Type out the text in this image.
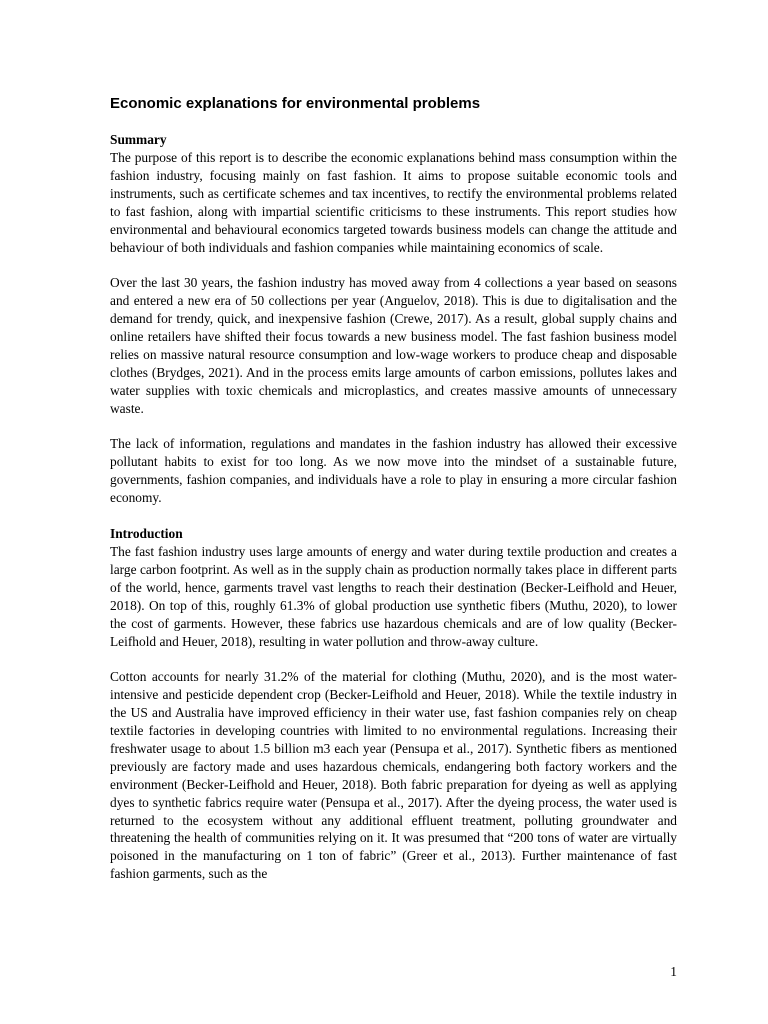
Economic explanations for environmental problems
Summary

The purpose of this report is to describe the economic explanations behind mass consumption within the fashion industry, focusing mainly on fast fashion. It aims to propose suitable economic tools and instruments, such as certificate schemes and tax incentives, to rectify the environmental problems related to fast fashion, along with impartial scientific criticisms to these instruments. This report studies how environmental and behavioural economics targeted towards business models can change the attitude and behaviour of both individuals and fashion companies while maintaining economics of scale.

Over the last 30 years, the fashion industry has moved away from 4 collections a year based on seasons and entered a new era of 50 collections per year (Anguelov, 2018). This is due to digitalisation and the demand for trendy, quick, and inexpensive fashion (Crewe, 2017). As a result, global supply chains and online retailers have shifted their focus towards a new business model. The fast fashion business model relies on massive natural resource consumption and low-wage workers to produce cheap and disposable clothes (Brydges, 2021). And in the process emits large amounts of carbon emissions, pollutes lakes and water supplies with toxic chemicals and microplastics, and creates massive amounts of unnecessary waste.

The lack of information, regulations and mandates in the fashion industry has allowed their excessive pollutant habits to exist for too long. As we now move into the mindset of a sustainable future, governments, fashion companies, and individuals have a role to play in ensuring a more circular fashion economy.

Introduction

The fast fashion industry uses large amounts of energy and water during textile production and creates a large carbon footprint. As well as in the supply chain as production normally takes place in different parts of the world, hence, garments travel vast lengths to reach their destination (Becker-Leifhold and Heuer, 2018). On top of this, roughly 61.3% of global production use synthetic fibers (Muthu, 2020), to lower the cost of garments. However, these fabrics use hazardous chemicals and are of low quality (Becker-Leifhold and Heuer, 2018), resulting in water pollution and throw-away culture.

Cotton accounts for nearly 31.2% of the material for clothing (Muthu, 2020), and is the most water-intensive and pesticide dependent crop (Becker-Leifhold and Heuer, 2018). While the textile industry in the US and Australia have improved efficiency in their water use, fast fashion companies rely on cheap textile factories in developing countries with limited to no environmental regulations. Increasing their freshwater usage to about 1.5 billion m3 each year (Pensupa et al., 2017). Synthetic fibers as mentioned previously are factory made and uses hazardous chemicals, endangering both factory workers and the environment (Becker-Leifhold and Heuer, 2018). Both fabric preparation for dyeing as well as applying dyes to synthetic fabrics require water (Pensupa et al., 2017). After the dyeing process, the water used is returned to the ecosystem without any additional effluent treatment, polluting groundwater and threatening the health of communities relying on it. It was presumed that “200 tons of water are virtually poisoned in the manufacturing on 1 ton of fabric” (Greer et al., 2013). Further maintenance of fast fashion garments, such as the

1
